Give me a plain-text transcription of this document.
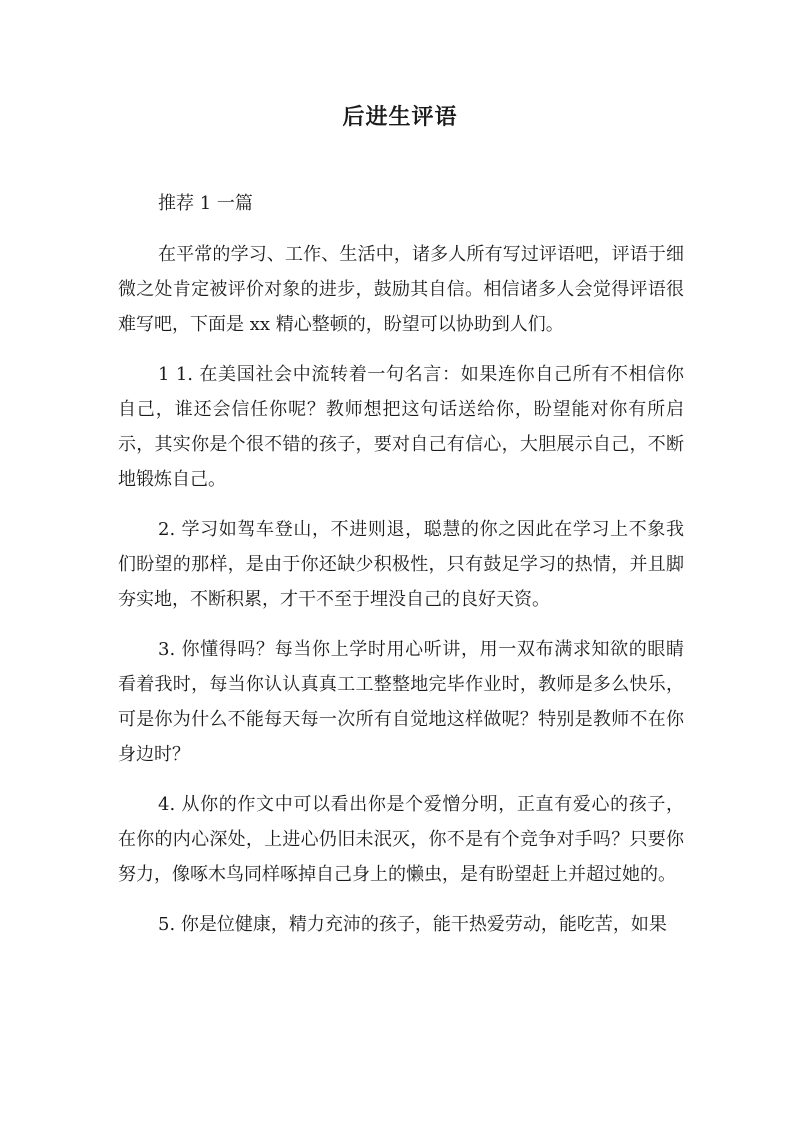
后进生评语

推荐 1 一篇

在平常的学习、工作、生活中，诸多人所有写过评语吧，评语于细微之处肯定被评价对象的进步，鼓励其自信。相信诸多人会觉得评语很难写吧，下面是 xx 精心整顿的，盼望可以协助到人们。

1 1. 在美国社会中流转着一句名言：如果连你自己所有不相信你自己，谁还会信任你呢？教师想把这句话送给你，盼望能对你有所启示，其实你是个很不错的孩子，要对自己有信心，大胆展示自己，不断地锻炼自己。

2. 学习如驾车登山，不进则退，聪慧的你之因此在学习上不象我们盼望的那样，是由于你还缺少积极性，只有鼓足学习的热情，并且脚夯实地，不断积累，才干不至于埋没自己的良好天资。

3. 你懂得吗？每当你上学时用心听讲，用一双布满求知欲的眼睛看着我时，每当你认认真真工工整整地完毕作业时，教师是多么快乐，可是你为什么不能每天每一次所有自觉地这样做呢？特别是教师不在你身边时？

4. 从你的作文中可以看出你是个爱憎分明，正直有爱心的孩子，在你的内心深处，上进心仍旧未泯灭，你不是有个竞争对手吗？只要你努力，像啄木鸟同样啄掉自己身上的懒虫，是有盼望赶上并超过她的。

5. 你是位健康，精力充沛的孩子，能干热爱劳动，能吃苦，如果
